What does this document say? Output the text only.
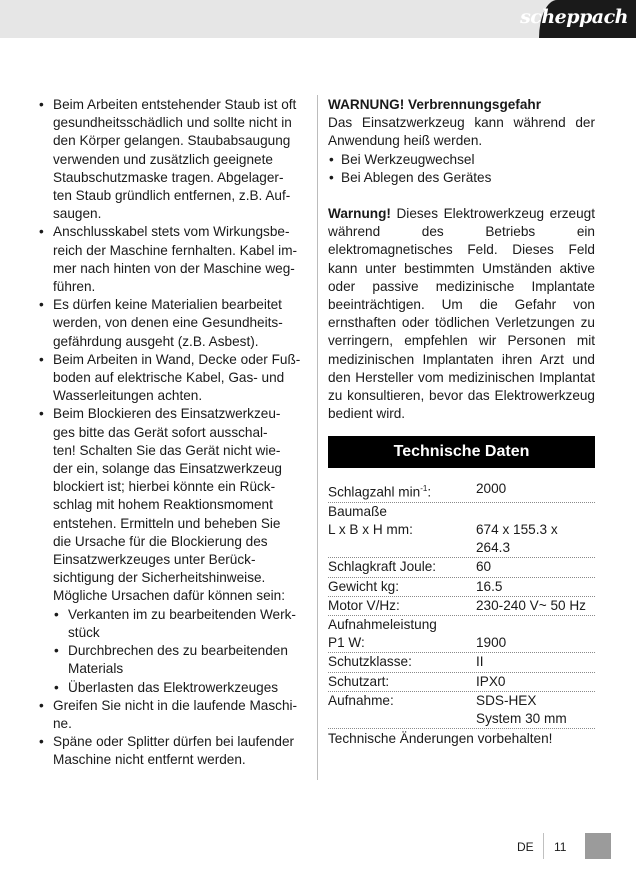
scheppach
• Beim Arbeiten entstehender Staub ist oft
gesundheitsschädlich und sollte nicht in
den Körper gelangen. Staubabsaugung
verwenden und zusätzlich geeignete
Staubschutzmaske tragen. Abgelager-
ten Staub gründlich entfernen, z.B. Auf-
saugen.
• Anschlusskabel stets vom Wirkungsbe-
reich der Maschine fernhalten. Kabel im-
mer nach hinten von der Maschine weg-
führen.
• Es dürfen keine Materialien bearbeitet
werden, von denen eine Gesundheits-
gefährdung ausgeht (z.B. Asbest).
• Beim Arbeiten in Wand, Decke oder Fuß-
boden auf elektrische Kabel, Gas- und
Wasserleitungen achten.
• Beim Blockieren des Einsatzwerkzeu-
ges bitte das Gerät sofort ausschal-
ten! Schalten Sie das Gerät nicht wie-
der ein, solange das Einsatzwerkzeug
blockiert ist; hierbei könnte ein Rück-
schlag mit hohem Reaktionsmoment
entstehen. Ermitteln und beheben Sie
die Ursache für die Blockierung des
Einsatzwerkzeuges unter Berück-
sichtigung der Sicherheitshinweise.
Mögliche Ursachen dafür können sein:
• Verkanten im zu bearbeitenden Werk-
stück
• Durchbrechen des zu bearbeitenden
Materials
• Überlasten das Elektrowerkzeuges
• Greifen Sie nicht in die laufende Maschi-
ne.
• Späne oder Splitter dürfen bei laufender
Maschine nicht entfernt werden.

WARNUNG! Verbrennungsgefahr

Das Einsatzwerkzeug kann während der Anwendung heiß werden.

• Bei Werkzeugwechsel

• Bei Ablegen des Gerätes

Warnung! Dieses Elektrowerkzeug erzeugt während des Betriebs ein elektromagnetisches Feld. Dieses Feld kann unter bestimmten Umständen aktive oder passive medizinische Implantate beeinträchtigen. Um die Gefahr von ernsthaften oder tödlichen Verletzungen zu verringern, empfehlen wir Personen mit medizinischen Implantaten ihren Arzt und den Hersteller vom medizinischen Implantat zu konsultieren, bevor das Elektrowerkzeug bedient wird.

Technische Daten
Schlagzahl $\min^{-1}$:	2000
Baumaße
L x B x H mm:	674 x 155.3 x 264.3
Schlagkraft Joule:	60
Gewicht kg:	16.5
Motor V/Hz:	230-240 V~ 50 Hz
Aufnahmeleistung
P1 W:	1900
Schutzklasse:	II
Schutzart:	IPX0
Aufnahme:	SDS-HEX
System 30 mm
Technische Änderungen vorbehalten!
DE 11
